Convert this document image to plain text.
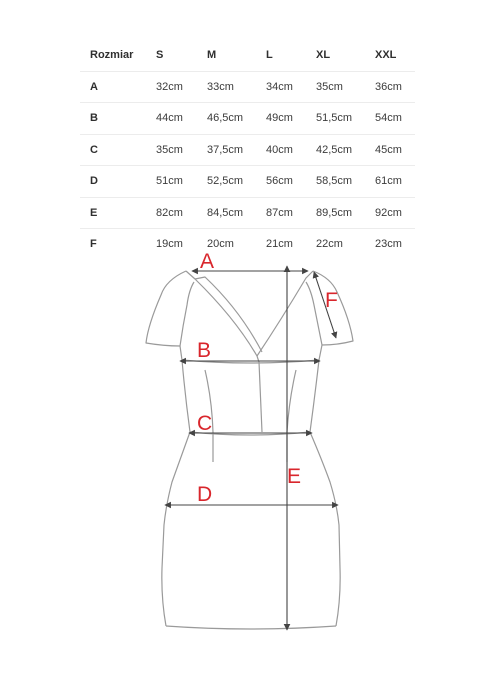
Rozmiar	S	M	L	XL	XXL
A	32cm	33cm	34cm	35cm	36cm
B	44cm	46,5cm	49cm	51,5cm	54cm
C	35cm	37,5cm	40cm	42,5cm	45cm
D	51cm	52,5cm	56cm	58,5cm	61cm
E	82cm	84,5cm	87cm	89,5cm	92cm
F	19cm	20cm	21cm	22cm	23cm
A
B
C
D
E
F
